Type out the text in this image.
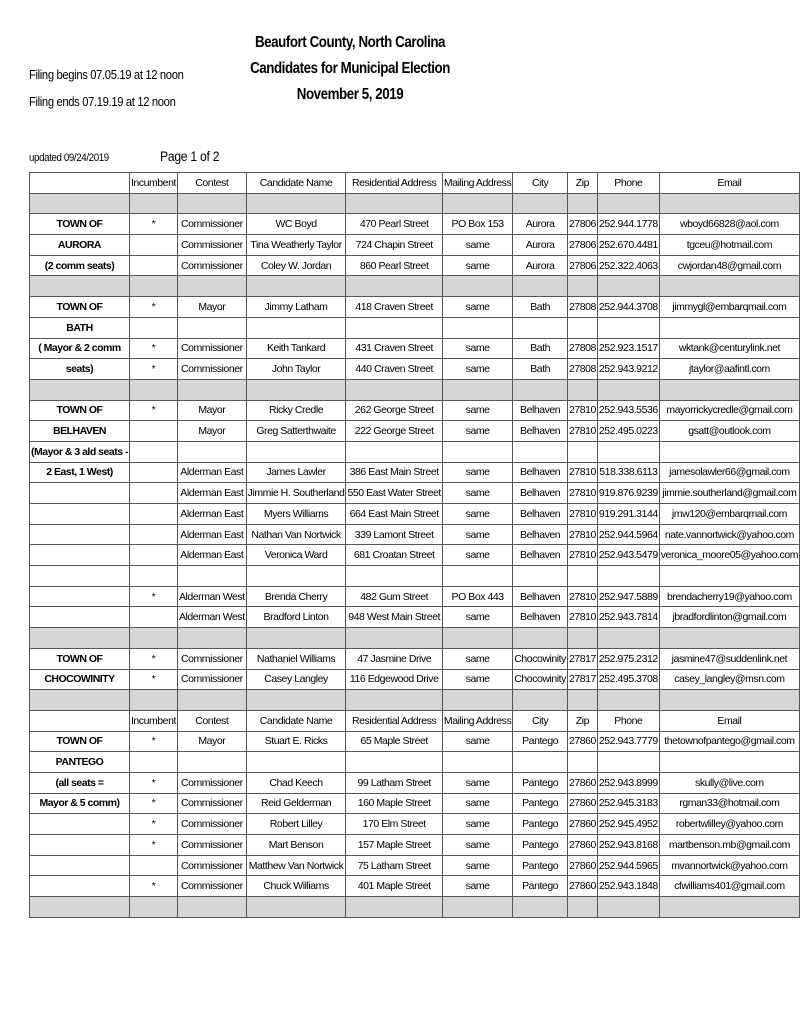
Beaufort County, North Carolina
Candidates for Municipal Election
November 5, 2019
Filing begins 07.05.19 at 12 noon
Filing ends 07.19.19 at 12 noon
updated 09/24/2019	Page 1 of 2
	Incumbent	Contest	Candidate Name	Residential Address	Mailing Address	City	Zip	Phone	Email

TOWN OF	*	Commissioner	WC Boyd	470 Pearl Street	PO Box 153	Aurora	27806	252.944.1778	wboyd66828@aol.com
AURORA		Commissioner	Tina Weatherly Taylor	724 Chapin Street	same	Aurora	27806	252.670.4481	tgceu@hotmail.com
(2 comm seats)		Commissioner	Coley W. Jordan	860 Pearl Street	same	Aurora	27806	252.322.4063	cwjordan48@gmail.com

TOWN OF	*	Mayor	Jimmy Latham	418 Craven Street	same	Bath	27808	252.944.3708	jimmygl@embarqmail.com
BATH									
( Mayor & 2 comm	*	Commissioner	Keith Tankard	431 Craven Street	same	Bath	27808	252.923.1517	wktank@centurylink.net
seats)	*	Commissioner	John Taylor	440 Craven Street	same	Bath	27808	252.943.9212	jtaylor@aafintl.com

TOWN OF	*	Mayor	Ricky Credle	262 George Street	same	Belhaven	27810	252.943.5536	mayorrickycredle@gmail.com
BELHAVEN		Mayor	Greg Satterthwaite	222 George Street	same	Belhaven	27810	252.495.0223	gsatt@outlook.com
(Mayor & 3 ald seats -									
2 East, 1 West)		Alderman East	James Lawler	386 East Main Street	same	Belhaven	27810	518.338.6113	jamesolawler66@gmail.com
		Alderman East	Jimmie H. Southerland	550 East Water Street	same	Belhaven	27810	919.876.9239	jimmie.southerland@gmail.com
		Alderman East	Myers Williams	664 East Main Street	same	Belhaven	27810	919.291.3144	jmw120@embarqmail.com
		Alderman East	Nathan Van Nortwick	339 Lamont Street	same	Belhaven	27810	252.944.5964	nate.vannortwick@yahoo.com
		Alderman East	Veronica Ward	681 Croatan Street	same	Belhaven	27810	252.943.5479	veronica_moore05@yahoo.com

	*	Alderman West	Brenda Cherry	482 Gum Street	PO Box 443	Belhaven	27810	252.947.5889	brendacherry19@yahoo.com
		Alderman West	Bradford Linton	948 West Main Street	same	Belhaven	27810	252.943.7814	jbradfordlinton@gmail.com

TOWN OF	*	Commissioner	Nathaniel Williams	47 Jasmine Drive	same	Chocowinity	27817	252.975.2312	jasmine47@suddenlink.net
CHOCOWINITY	*	Commissioner	Casey Langley	116 Edgewood Drive	same	Chocowinity	27817	252.495.3708	casey_langley@msn.com

	Incumbent	Contest	Candidate Name	Residential Address	Mailing Address	City	Zip	Phone	Email
TOWN OF	*	Mayor	Stuart E. Ricks	65 Maple Street	same	Pantego	27860	252.943.7779	thetownofpantego@gmail.com
PANTEGO									
(all seats =	*	Commissioner	Chad Keech	99 Latham Street	same	Pantego	27860	252.943.8999	skully@live.com
Mayor & 5 comm)	*	Commissioner	Reid Gelderman	160 Maple Street	same	Pantego	27860	252.945.3183	rgman33@hotmail.com
	*	Commissioner	Robert Lilley	170 Elm Street	same	Pantego	27860	252.945.4952	robertwlilley@yahoo.com
	*	Commissioner	Mart Benson	157 Maple Street	same	Pantego	27860	252.943.8168	martbenson.mb@gmail.com
		Commissioner	Matthew Van Nortwick	75 Latham Street	same	Pantego	27860	252.944.5965	mvannortwick@yahoo.com
	*	Commissioner	Chuck Williams	401 Maple Street	same	Pantego	27860	252.943.1848	cfwilliams401@gmail.com
